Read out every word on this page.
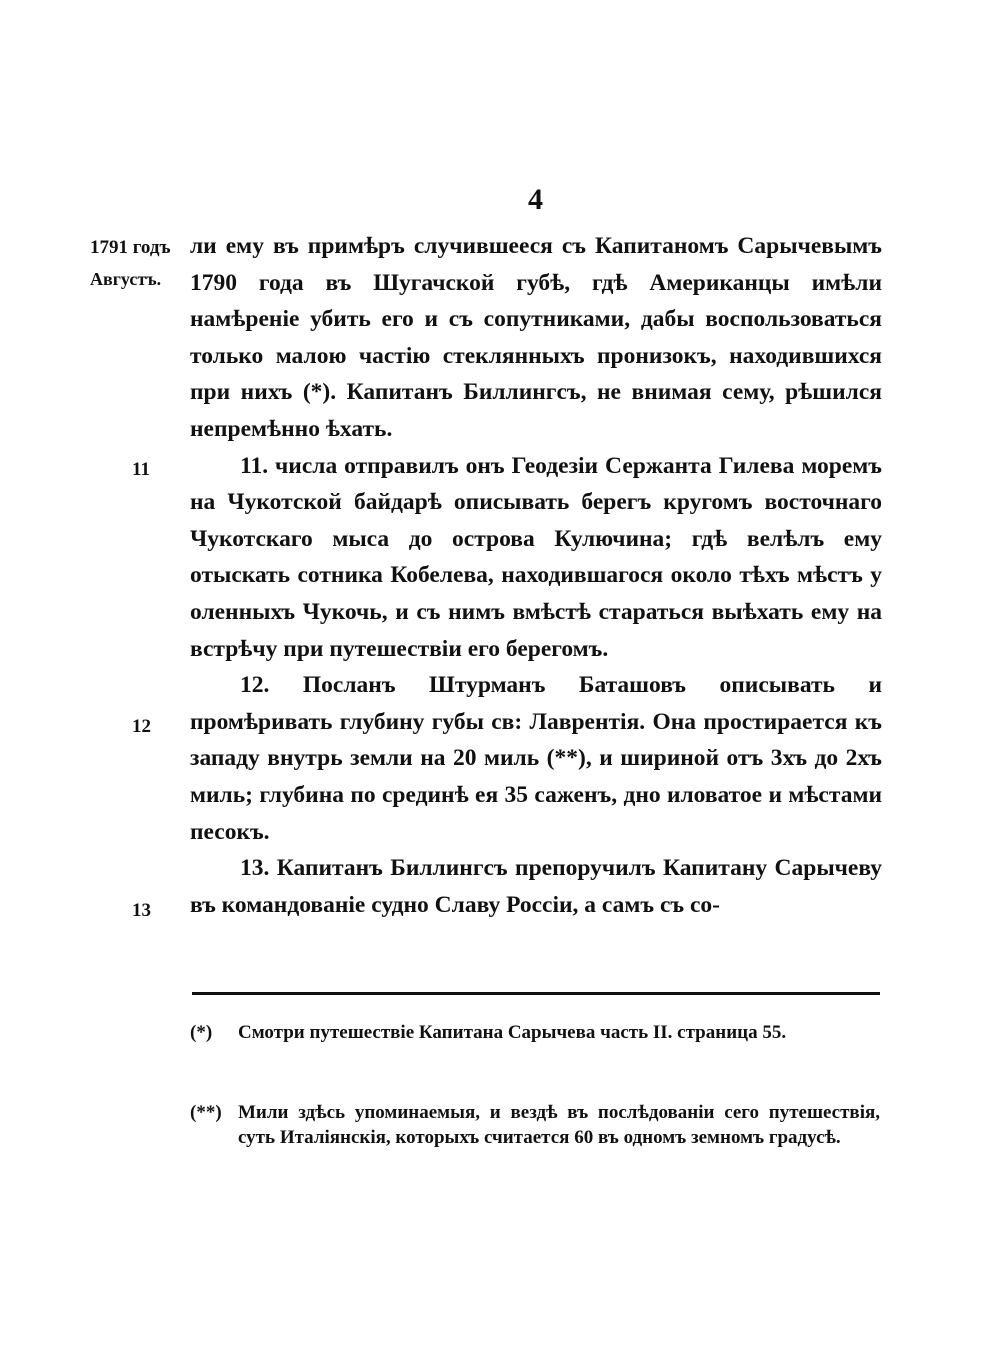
4
1791 годъ
Августъ.
11
12
13

ли ему въ примѣръ случившееся съ Капитаномъ Сарычевымъ 1790 года въ Шугачской губѣ, гдѣ Американцы имѣли намѣреніе убить его и съ сопутниками, дабы воспользоваться только малою частію стеклянныхъ пронизокъ, находившихся при нихъ (*). Капитанъ Биллингсъ, не внимая сему, рѣшился непремѣнно ѣхать.

11. числа отправилъ онъ Геодезіи Сержанта Гилева моремъ на Чукотской байдарѣ описывать берегъ кругомъ восточнаго Чукотскаго мыса до острова Кулючина; гдѣ велѣлъ ему отыскать сотника Кобелева, находившагося около тѣхъ мѣстъ у оленныхъ Чукочь, и съ нимъ вмѣстѣ стараться выѣхать ему на встрѣчу при путешествіи его берегомъ.

12. Посланъ Штурманъ Баташовъ описывать и промѣривать глубину губы св: Лаврентія. Она простирается къ западу внутрь земли на 20 миль (**), и шириной отъ 3хъ до 2хъ миль; глубина по срединѣ ея 35 саженъ, дно иловатое и мѣстами песокъ.

13. Капитанъ Биллингсъ препоручилъ Капитану Сарычеву въ командованіе судно Славу Россіи, а самъ съ со-

(*)	Смотри путешествіе Капитана Сарычева часть II. страница 55.
(**) Мили здѣсь упоминаемыя, и вездѣ въ послѣдованіи сего путешествія, суть Италіянскія, которыхъ считается 60 въ одномъ земномъ градусѣ.
